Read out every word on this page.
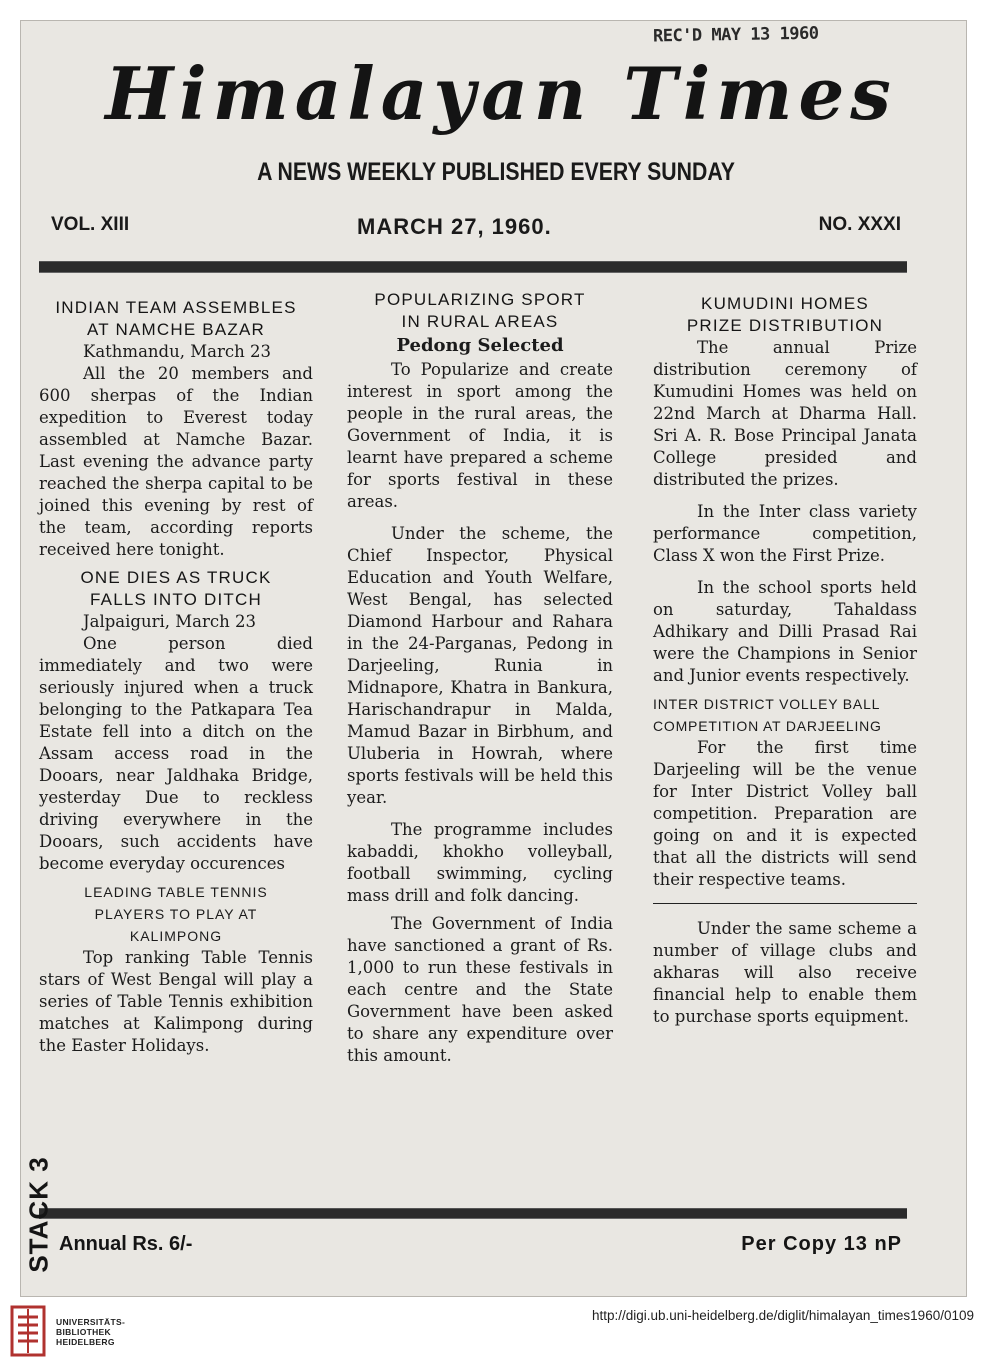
REC'D MAY 13 1960
Himalayan Times
A NEWS WEEKLY PUBLISHED EVERY SUNDAY
VOL. XIII	MARCH 27, 1960.	NO. XXXI
INDIAN TEAM ASSEMBLES
AT NAMCHE BAZAR
Kathmandu, March 23
All the 20 members and 600 sherpas of the Indian expedition to Everest today assembled at Namche Bazar. Last evening the advance party reached the sherpa capital to be joined this evening by rest of the team, according reports received here tonight.
ONE DIES AS TRUCK
FALLS INTO DITCH
Jalpaiguri, March 23
One person died immediately and two were seriously injured when a truck belonging to the Patkapara Tea Estate fell into a ditch on the Assam access road in the Dooars, near Jaldhaka Bridge, yesterday Due to reckless driving everywhere in the Dooars, such accidents have become everyday occurences
LEADING TABLE TENNIS
PLAYERS TO PLAY AT
KALIMPONG
Top ranking Table Tennis stars of West Bengal will play a series of Table Tennis exhibition matches at Kalimpong during the Easter Holidays.
POPULARIZING SPORT
IN RURAL AREAS
Pedong Selected
To Popularize and create interest in sport among the people in the rural areas, the Government of India, it is learnt have prepared a scheme for sports festival in these areas.
Under the scheme, the Chief Inspector, Physical Education and Youth Welfare, West Bengal, has selected Diamond Harbour and Rahara in the 24-Parganas, Pedong in Darjeeling, Runia in Midnapore, Khatra in Bankura, Harischandrapur in Malda, Mamud Bazar in Birbhum, and Uluberia in Howrah, where sports festivals will be held this year.
The programme includes kabaddi, khokho volleyball, football swimming, cycling mass drill and folk dancing.
The Government of India have sanctioned a grant of Rs. 1,000 to run these festivals in each centre and the State Government have been asked to share any expenditure over this amount.
KUMUDINI HOMES
PRIZE DISTRIBUTION
The annual Prize distribution ceremony of Kumudini Homes was held on 22nd March at Dharma Hall. Sri A. R. Bose Principal Janata College presided and distributed the prizes.
In the Inter class variety performance competition, Class X won the First Prize.
In the school sports held on saturday, Tahaldass Adhikary and Dilli Prasad Rai were the Champions in Senior and Junior events respectively.
INTER DISTRICT VOLLEY BALL
COMPETITION AT DARJEELING
For the first time Darjeeling will be the venue for Inter District Volley ball competition. Preparation are going on and it is expected that all the districts will send their respective teams.
Under the same scheme a number of village clubs and akharas will also receive financial help to enable them to purchase sports equipment.
Annual Rs. 6/-	Per Copy 13 nP
STACK 3
UNIVERSITÄTS-
BIBLIOTHEK
HEIDELBERG
http://digi.ub.uni-heidelberg.de/diglit/himalayan_times1960/0109
